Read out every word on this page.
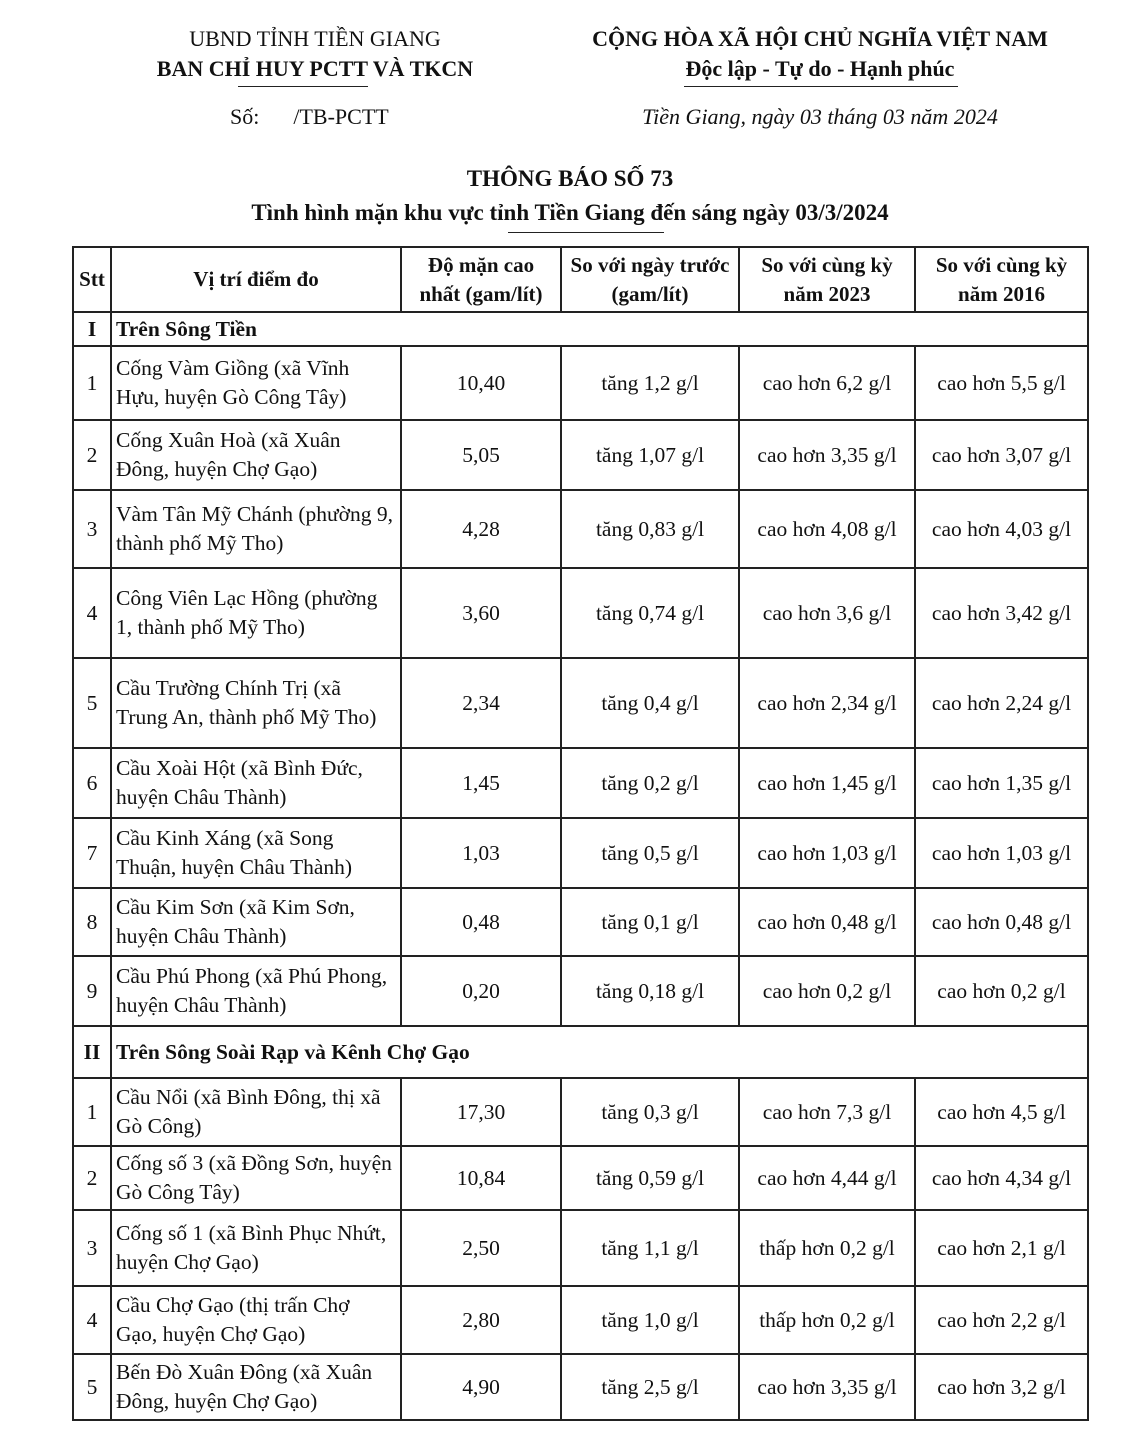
UBND TỈNH TIỀN GIANG
BAN CHỈ HUY PCTT VÀ TKCN
CỘNG HÒA XÃ HỘI CHỦ NGHĨA VIỆT NAM
Độc lập - Tự do - Hạnh phúc
Số: /TB-PCTT	Tiền Giang, ngày 03 tháng 03 năm 2024
THÔNG BÁO SỐ 73
Tình hình mặn khu vực tỉnh Tiền Giang đến sáng ngày 03/3/2024
Stt	Vị trí điểm đo	Độ mặn cao nhất (gam/lít)	So với ngày trước (gam/lít)	So với cùng kỳ năm 2023	So với cùng kỳ năm 2016
I	Trên Sông Tiền				
1	Cống Vàm Giồng (xã Vĩnh Hựu, huyện Gò Công Tây)	10,40	tăng 1,2 g/l	cao hơn 6,2 g/l	cao hơn 5,5 g/l
2	Cống Xuân Hoà (xã Xuân Đông, huyện Chợ Gạo)	5,05	tăng 1,07 g/l	cao hơn 3,35 g/l	cao hơn 3,07 g/l
3	Vàm Tân Mỹ Chánh (phường 9, thành phố Mỹ Tho)	4,28	tăng 0,83 g/l	cao hơn 4,08 g/l	cao hơn 4,03 g/l
4	Công Viên Lạc Hồng (phường 1, thành phố Mỹ Tho)	3,60	tăng 0,74 g/l	cao hơn 3,6 g/l	cao hơn 3,42 g/l
5	Cầu Trường Chính Trị (xã Trung An, thành phố Mỹ Tho)	2,34	tăng 0,4 g/l	cao hơn 2,34 g/l	cao hơn 2,24 g/l
6	Cầu Xoài Hột (xã Bình Đức, huyện Châu Thành)	1,45	tăng 0,2 g/l	cao hơn 1,45 g/l	cao hơn 1,35 g/l
7	Cầu Kinh Xáng (xã Song Thuận, huyện Châu Thành)	1,03	tăng 0,5 g/l	cao hơn 1,03 g/l	cao hơn 1,03 g/l
8	Cầu Kim Sơn (xã Kim Sơn, huyện Châu Thành)	0,48	tăng 0,1 g/l	cao hơn 0,48 g/l	cao hơn 0,48 g/l
9	Cầu Phú Phong (xã Phú Phong, huyện Châu Thành)	0,20	tăng 0,18 g/l	cao hơn 0,2 g/l	cao hơn 0,2 g/l
II	Trên Sông Soài Rạp và Kênh Chợ Gạo				
1	Cầu Nổi (xã Bình Đông, thị xã Gò Công)	17,30	tăng 0,3 g/l	cao hơn 7,3 g/l	cao hơn 4,5 g/l
2	Cống số 3 (xã Đồng Sơn, huyện Gò Công Tây)	10,84	tăng 0,59 g/l	cao hơn 4,44 g/l	cao hơn 4,34 g/l
3	Cống số 1 (xã Bình Phục Nhứt, huyện Chợ Gạo)	2,50	tăng 1,1 g/l	thấp hơn 0,2 g/l	cao hơn 2,1 g/l
4	Cầu Chợ Gạo (thị trấn Chợ Gạo, huyện Chợ Gạo)	2,80	tăng 1,0 g/l	thấp hơn 0,2 g/l	cao hơn 2,2 g/l
5	Bến Đò Xuân Đông (xã Xuân Đông, huyện Chợ Gạo)	4,90	tăng 2,5 g/l	cao hơn 3,35 g/l	cao hơn 3,2 g/l
